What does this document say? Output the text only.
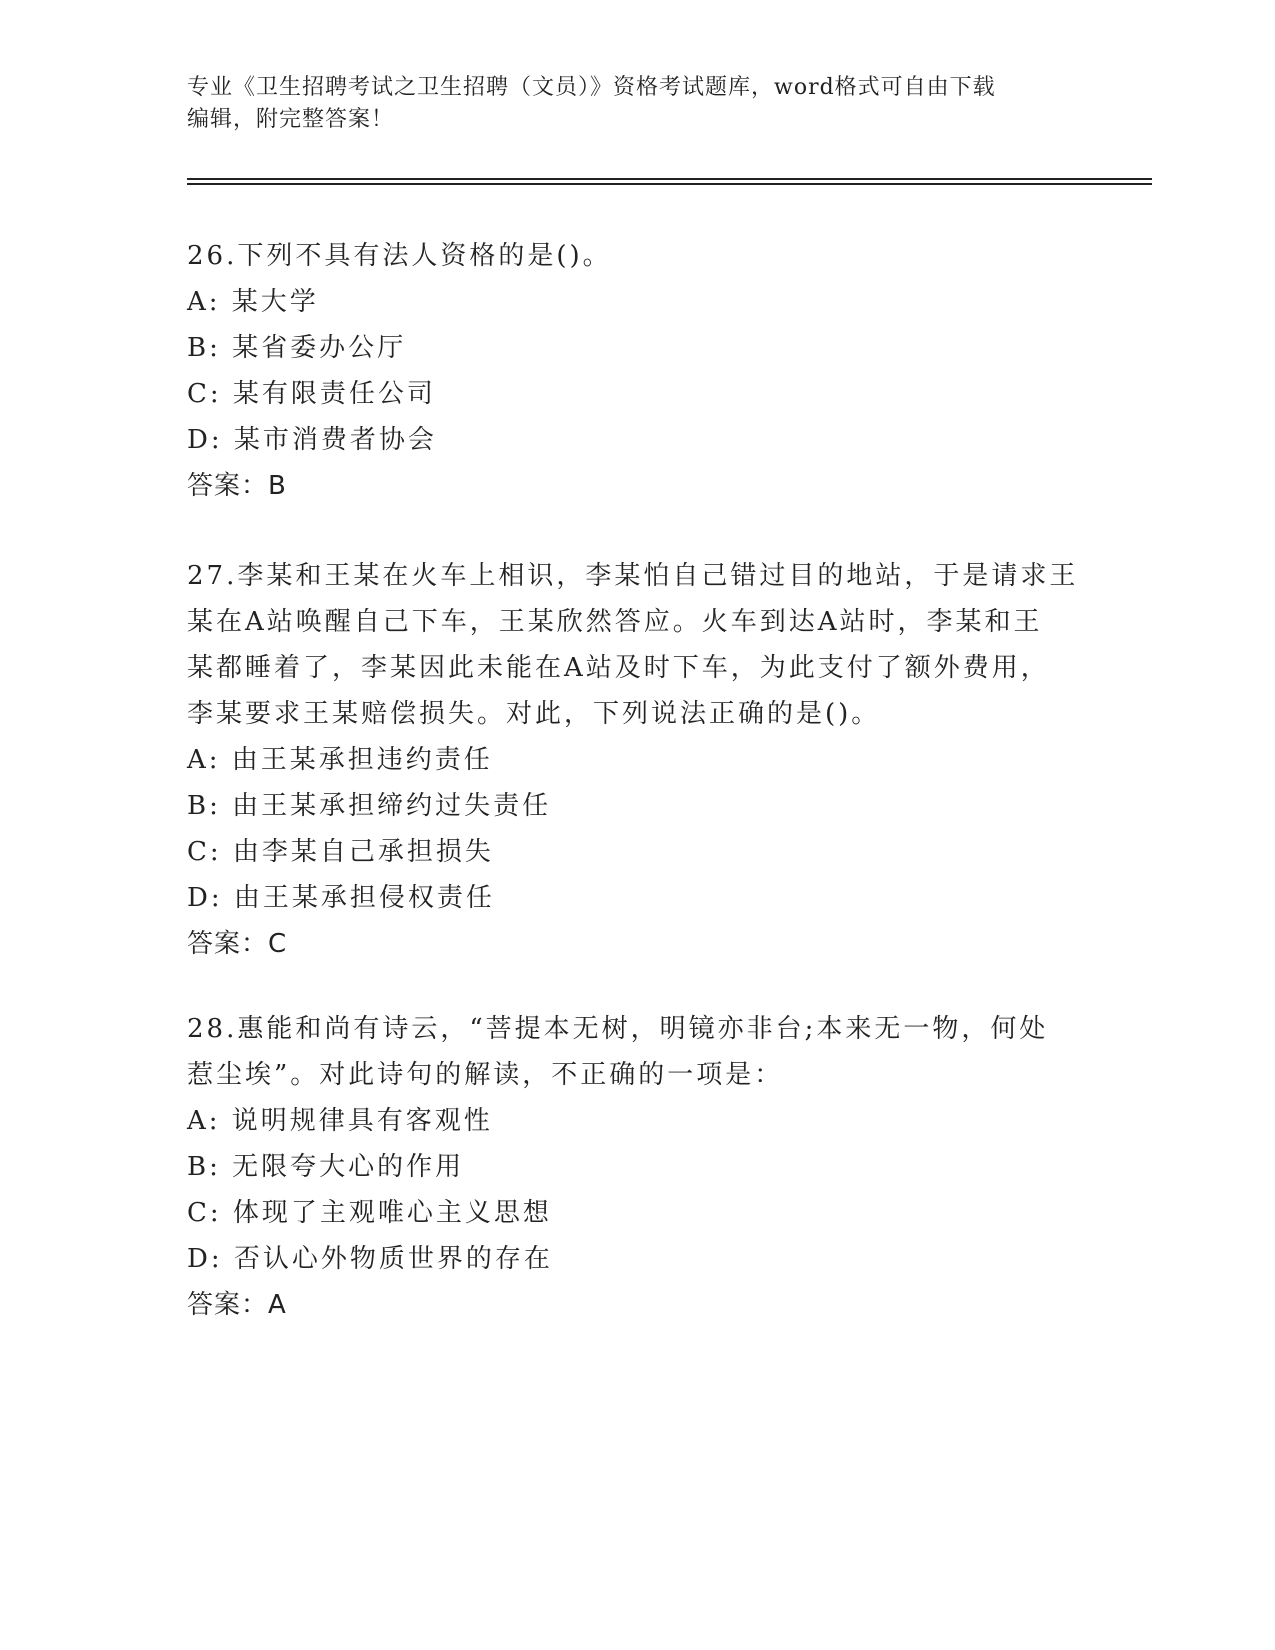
专业《卫生招聘考试之卫生招聘（文员）》资格考试题库，word格式可自由下载
编辑，附完整答案！
26.下列不具有法人资格的是()。
A: 某大学
B: 某省委办公厅
C: 某有限责任公司
D: 某市消费者协会
答案：B
27.李某和王某在火车上相识，李某怕自己错过目的地站，于是请求王
某在A站唤醒自己下车，王某欣然答应。火车到达A站时，李某和王
某都睡着了，李某因此未能在A站及时下车，为此支付了额外费用，
李某要求王某赔偿损失。对此，下列说法正确的是()。
A: 由王某承担违约责任
B: 由王某承担缔约过失责任
C: 由李某自己承担损失
D: 由王某承担侵权责任
答案：C
28.惠能和尚有诗云，“菩提本无树，明镜亦非台;本来无一物，何处
惹尘埃”。对此诗句的解读，不正确的一项是：
A: 说明规律具有客观性
B: 无限夸大心的作用
C: 体现了主观唯心主义思想
D: 否认心外物质世界的存在
答案：A
